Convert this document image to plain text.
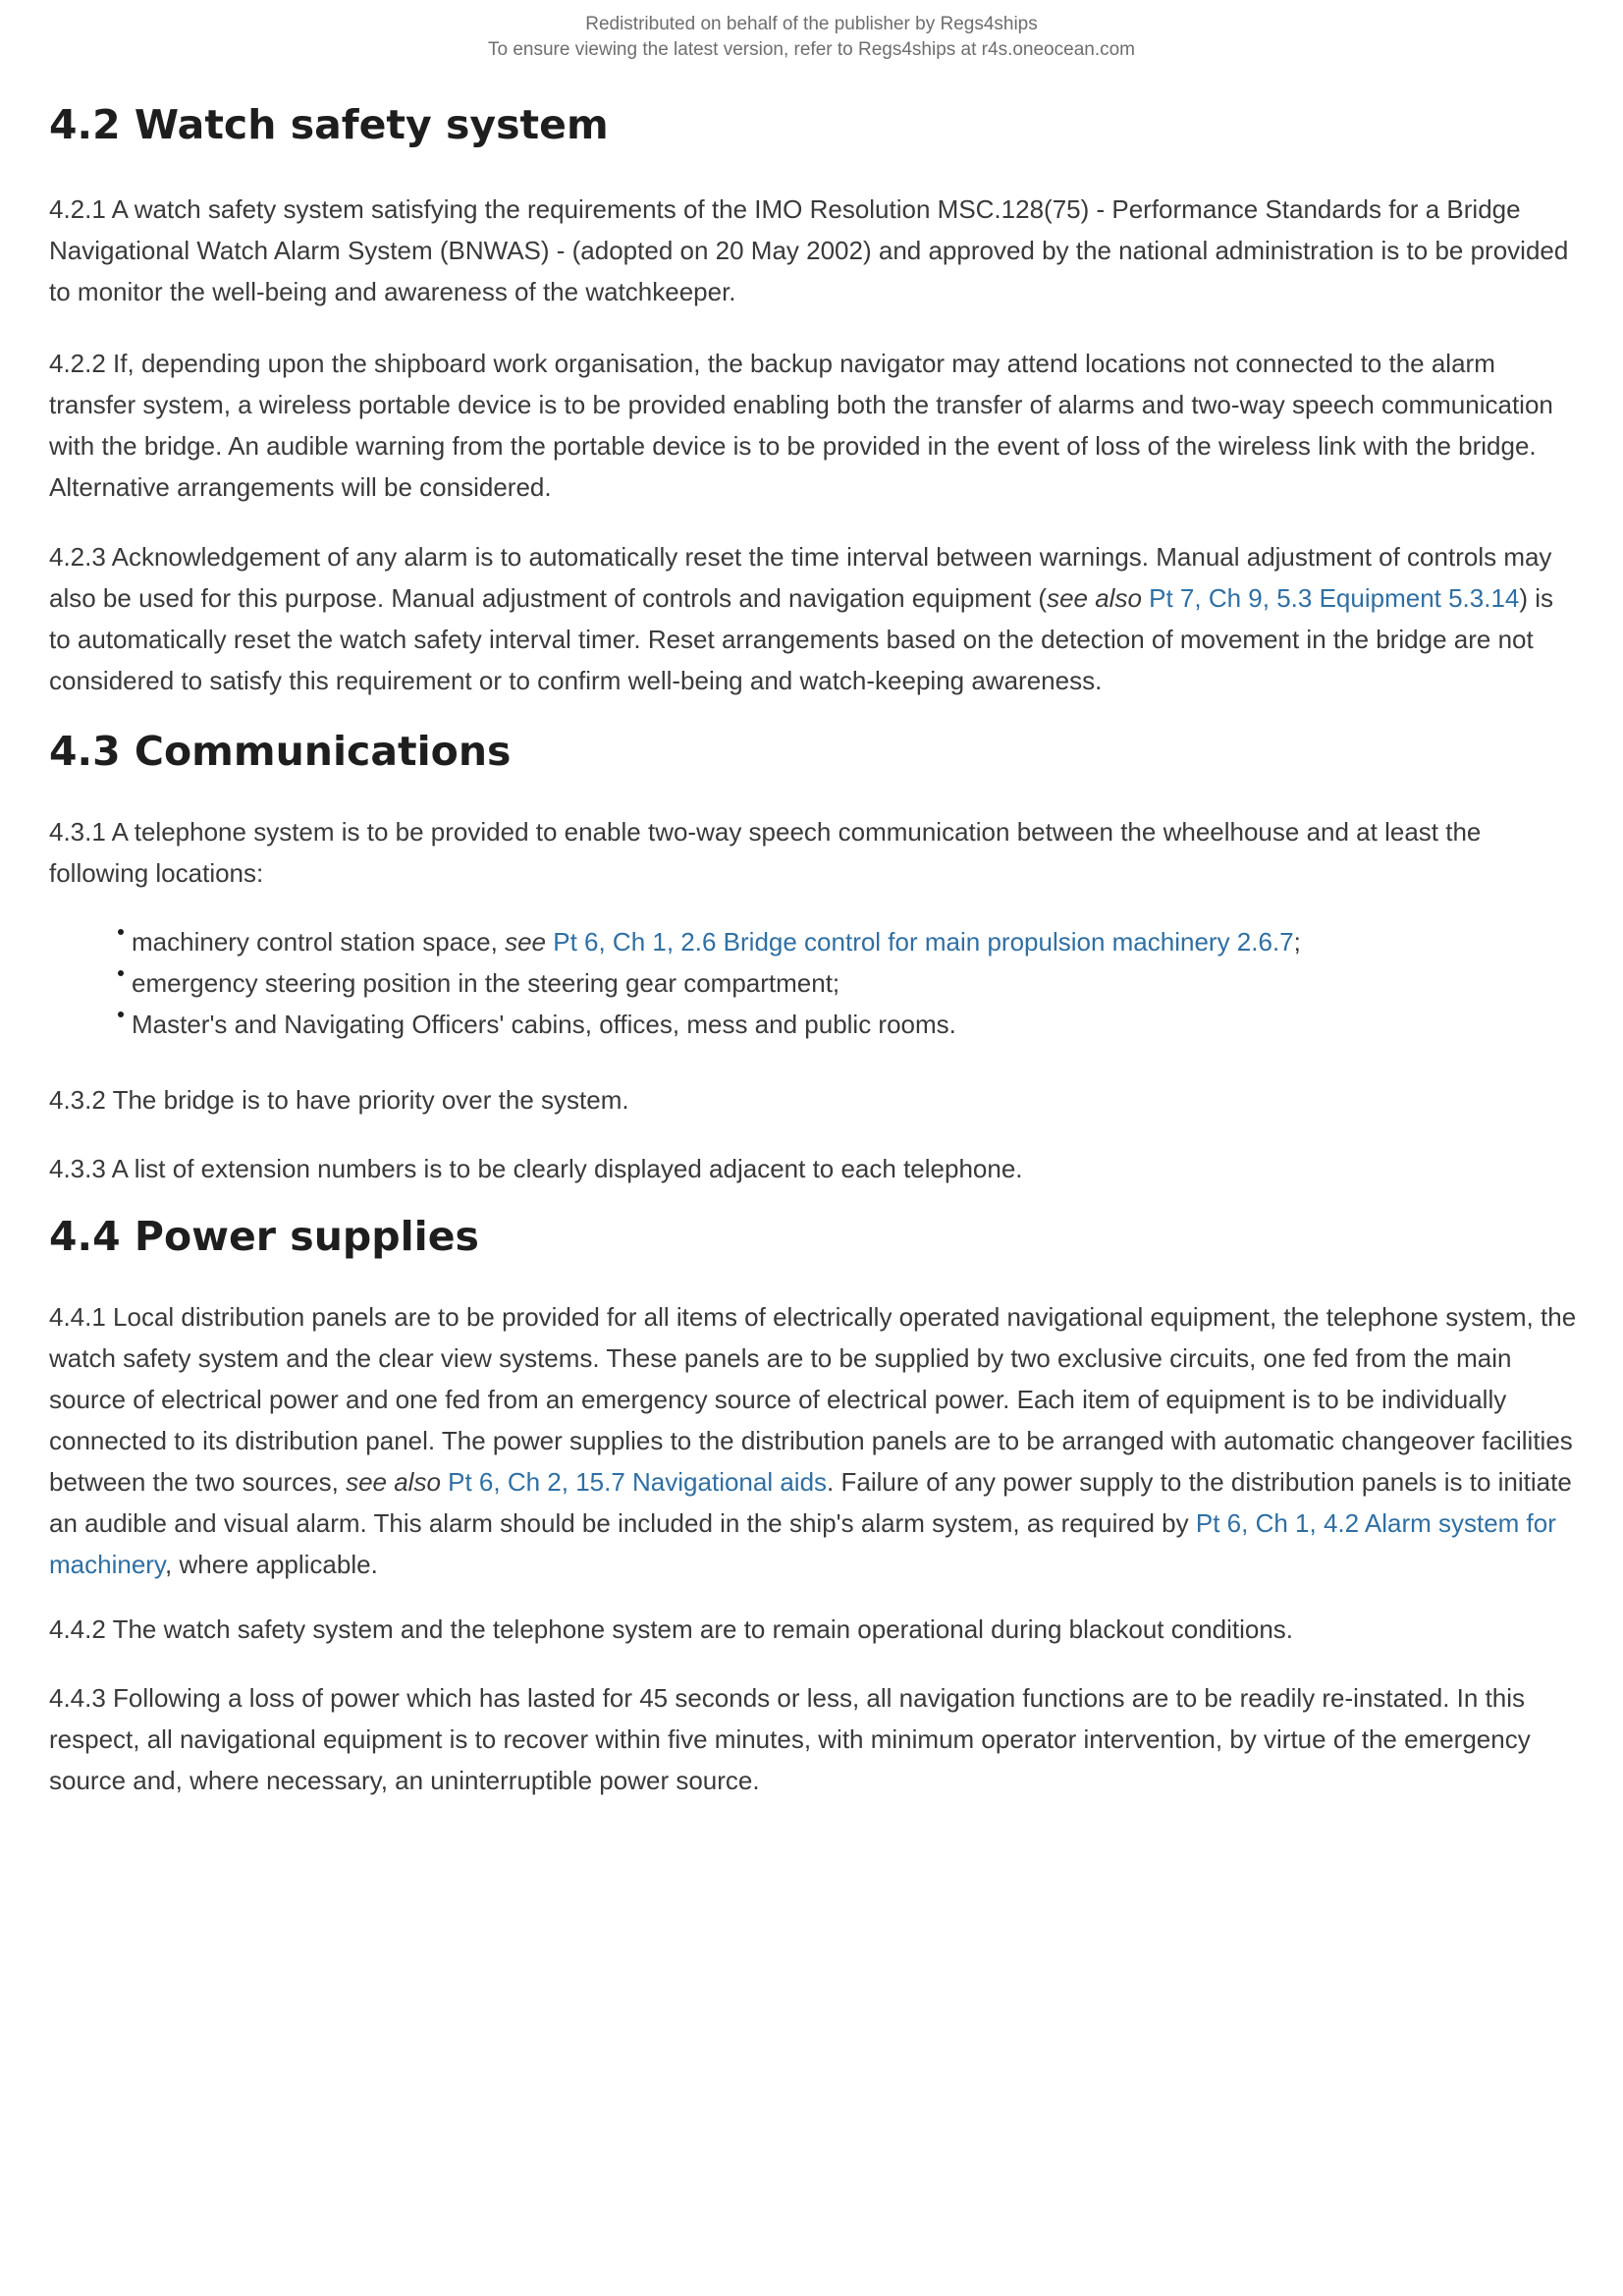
Redistributed on behalf of the publisher by Regs4ships
To ensure viewing the latest version, refer to Regs4ships at r4s.oneocean.com
4.2 Watch safety system

4.2.1 A watch safety system satisfying the requirements of the IMO Resolution MSC.128(75) - Performance Standards for a Bridge Navigational Watch Alarm System (BNWAS) - (adopted on 20 May 2002) and approved by the national administration is to be provided to monitor the well-being and awareness of the watchkeeper.

4.2.2 If, depending upon the shipboard work organisation, the backup navigator may attend locations not connected to the alarm transfer system, a wireless portable device is to be provided enabling both the transfer of alarms and two-way speech communication with the bridge. An audible warning from the portable device is to be provided in the event of loss of the wireless link with the bridge. Alternative arrangements will be considered.

4.2.3 Acknowledgement of any alarm is to automatically reset the time interval between warnings. Manual adjustment of controls may also be used for this purpose. Manual adjustment of controls and navigation equipment (see also Pt 7, Ch 9, 5.3 Equipment 5.3.14) is to automatically reset the watch safety interval timer. Reset arrangements based on the detection of movement in the bridge are not considered to satisfy this requirement or to confirm well-being and watch-keeping awareness.

4.3 Communications

4.3.1 A telephone system is to be provided to enable two-way speech communication between the wheelhouse and at least the following locations:

machinery control station space, see Pt 6, Ch 1, 2.6 Bridge control for main propulsion machinery 2.6.7;
emergency steering position in the steering gear compartment;
Master's and Navigating Officers' cabins, offices, mess and public rooms.

4.3.2 The bridge is to have priority over the system.

4.3.3 A list of extension numbers is to be clearly displayed adjacent to each telephone.

4.4 Power supplies

4.4.1 Local distribution panels are to be provided for all items of electrically operated navigational equipment, the telephone system, the watch safety system and the clear view systems. These panels are to be supplied by two exclusive circuits, one fed from the main source of electrical power and one fed from an emergency source of electrical power. Each item of equipment is to be individually connected to its distribution panel. The power supplies to the distribution panels are to be arranged with automatic changeover facilities between the two sources, see also Pt 6, Ch 2, 15.7 Navigational aids. Failure of any power supply to the distribution panels is to initiate an audible and visual alarm. This alarm should be included in the ship's alarm system, as required by Pt 6, Ch 1, 4.2 Alarm system for machinery, where applicable.

4.4.2 The watch safety system and the telephone system are to remain operational during blackout conditions.

4.4.3 Following a loss of power which has lasted for 45 seconds or less, all navigation functions are to be readily re-instated. In this respect, all navigational equipment is to recover within five minutes, with minimum operator intervention, by virtue of the emergency source and, where necessary, an uninterruptible power source.
